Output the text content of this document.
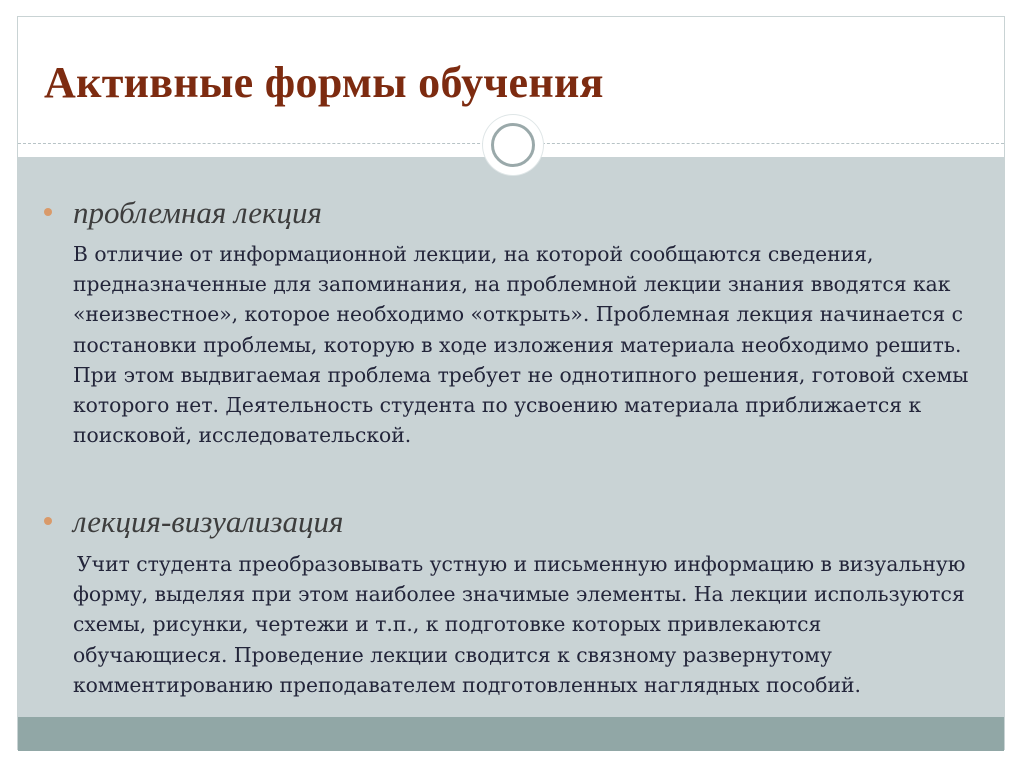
Активные формы обучения

проблемная лекция

В отличие от информационной лекции, на которой сообщаются сведения, предназначенные для запоминания, на проблемной лекции знания вводятся как «неизвестное», которое необходимо «открыть». Проблемная лекция начинается с постановки проблемы, которую в ходе изложения материала необходимо решить. При этом выдвигаемая проблема требует не однотипного решения, готовой схемы которого нет. Деятельность студента по усвоению материала приближается к поисковой, исследовательской.

лекция-визуализация

Учит студента преобразовывать устную и письменную информацию в визуальную форму, выделяя при этом наиболее значимые элементы. На лекции используются схемы, рисунки, чертежи и т.п., к подготовке которых привлекаются обучающиеся. Проведение лекции сводится к связному развернутому комментированию преподавателем подготовленных наглядных пособий.
